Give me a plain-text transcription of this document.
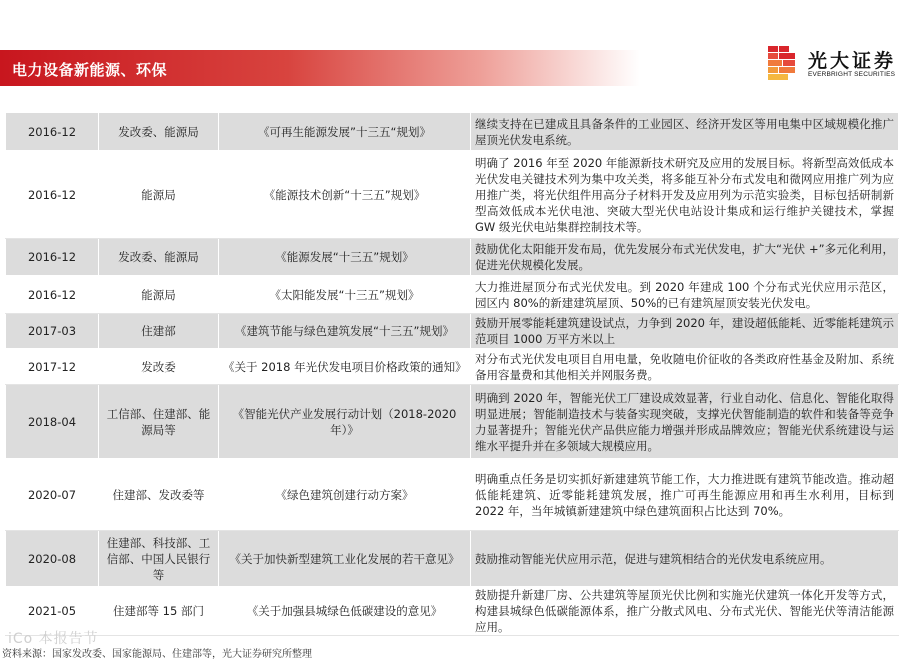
电力设备新能源、环保	光大证券
EVERBRIGHT SECURITIES
2016-12	发改委、能源局	《可再生能源发展”十三五“规划》	继续支持在已建成且具备条件的工业园区、经济开发区等用电集中区域规模化推广屋顶光伏发电系统。
2016-12	能源局	《能源技术创新“十三五”规划》	明确了 2016 年至 2020 年能源新技术研究及应用的发展目标。将新型高效低成本光伏发电关键技术列为集中攻关类，将多能互补分布式发电和微网应用推广列为应用推广类，将光伏组件用高分子材料开发及应用列为示范实验类，目标包括研制新型高效低成本光伏电池、突破大型光伏电站设计集成和运行维护关键技术，掌握 GW 级光伏电站集群控制技术等。
2016-12	发改委、能源局	《能源发展“十三五”规划》	鼓励优化太阳能开发布局，优先发展分布式光伏发电，扩大“光伏 +”多元化利用，促进光伏规模化发展。
2016-12	能源局	《太阳能发展“十三五”规划》	大力推进屋顶分布式光伏发电。到 2020 年建成 100 个分布式光伏应用示范区，园区内 80%的新建建筑屋顶、50%的已有建筑屋顶安装光伏发电。
2017-03	住建部	《建筑节能与绿色建筑发展“十三五”规划》	鼓励开展零能耗建筑建设试点，力争到 2020 年，建设超低能耗、近零能耗建筑示范项目 1000 万平方米以上
2017-12	发改委	《关于 2018 年光伏发电项目价格政策的通知》	对分布式光伏发电项目自用电量，免收随电价征收的各类政府性基金及附加、系统备用容量费和其他相关并网服务费。
2018-04	工信部、住建部、能源局等	《智能光伏产业发展行动计划（2018-2020年）》	明确到 2020 年，智能光伏工厂建设成效显著，行业自动化、信息化、智能化取得明显进展；智能制造技术与装备实现突破，支撑光伏智能制造的软件和装备等竞争力显著提升；智能光伏产品供应能力增强并形成品牌效应；智能光伏系统建设与运维水平提升并在多领域大规模应用。
2020-07	住建部、发改委等	《绿色建筑创建行动方案》	明确重点任务是切实抓好新建建筑节能工作，大力推进既有建筑节能改造。推动超低能耗建筑、近零能耗建筑发展，推广可再生能源应用和再生水利用，目标到 2022 年，当年城镇新建建筑中绿色建筑面积占比达到 70%。
2020-08	住建部、科技部、工信部、中国人民银行等	《关于加快新型建筑工业化发展的若干意见》	鼓励推动智能光伏应用示范，促进与建筑相结合的光伏发电系统应用。
2021-05	住建部等 15 部门	《关于加强县城绿色低碳建设的意见》	鼓励提升新建厂房、公共建筑等屋顶光伏比例和实施光伏建筑一体化开发等方式，构建县城绿色低碳能源体系，推广分散式风电、分布式光伏、智能光伏等清洁能源应用。
iCo 本报告节
资料来源：国家发改委、国家能源局、住建部等，光大证券研究所整理
